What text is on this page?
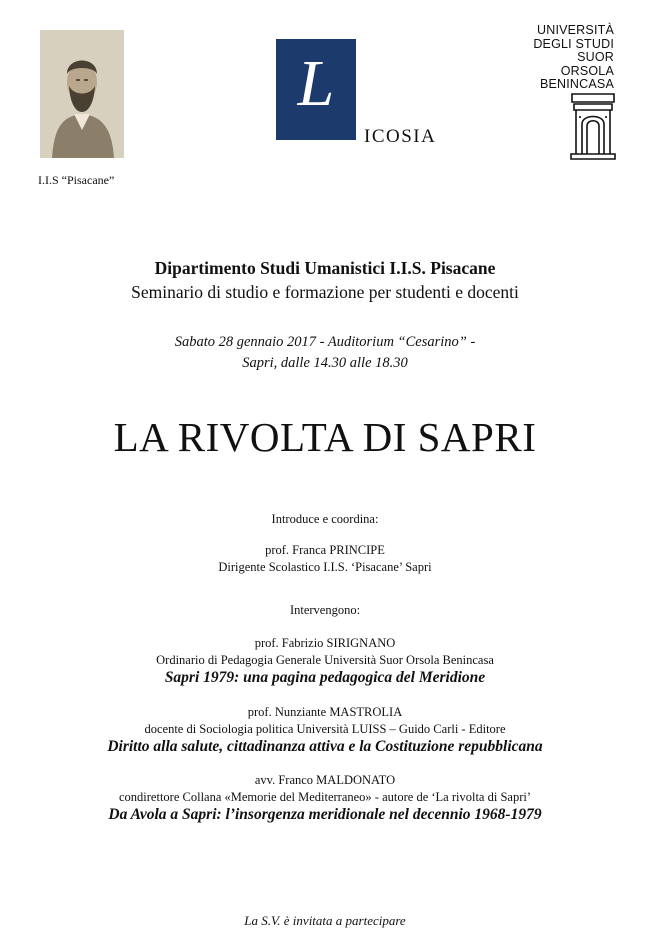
I.I.S “Pisacane”
L
ICOSIA
UNIVERSITÀ
DEGLI STUDI
SUOR ORSOLA
BENINCASA
Dipartimento Studi Umanistici I.I.S. Pisacane
Seminario di studio e formazione per studenti e docenti
Sabato 28 gennaio 2017 - Auditorium “Cesarino” -
Sapri, dalle 14.30 alle 18.30
LA RIVOLTA DI SAPRI
Introduce e coordina:
prof. Franca PRINCIPE
Dirigente Scolastico I.I.S. ‘Pisacane’ Sapri
Intervengono:
prof. Fabrizio SIRIGNANO
Ordinario di Pedagogia Generale Università Suor Orsola Benincasa
Sapri 1979: una pagina pedagogica del Meridione
prof. Nunziante MASTROLIA
docente di Sociologia politica Università LUISS – Guido Carli - Editore
Diritto alla salute, cittadinanza attiva e la Costituzione repubblicana
avv. Franco MALDONATO
condirettore Collana «Memorie del Mediterraneo» - autore de ‘La rivolta di Sapri’
Da Avola a Sapri: l’insorgenza meridionale nel decennio 1968-1979
La S.V. è invitata a partecipare
